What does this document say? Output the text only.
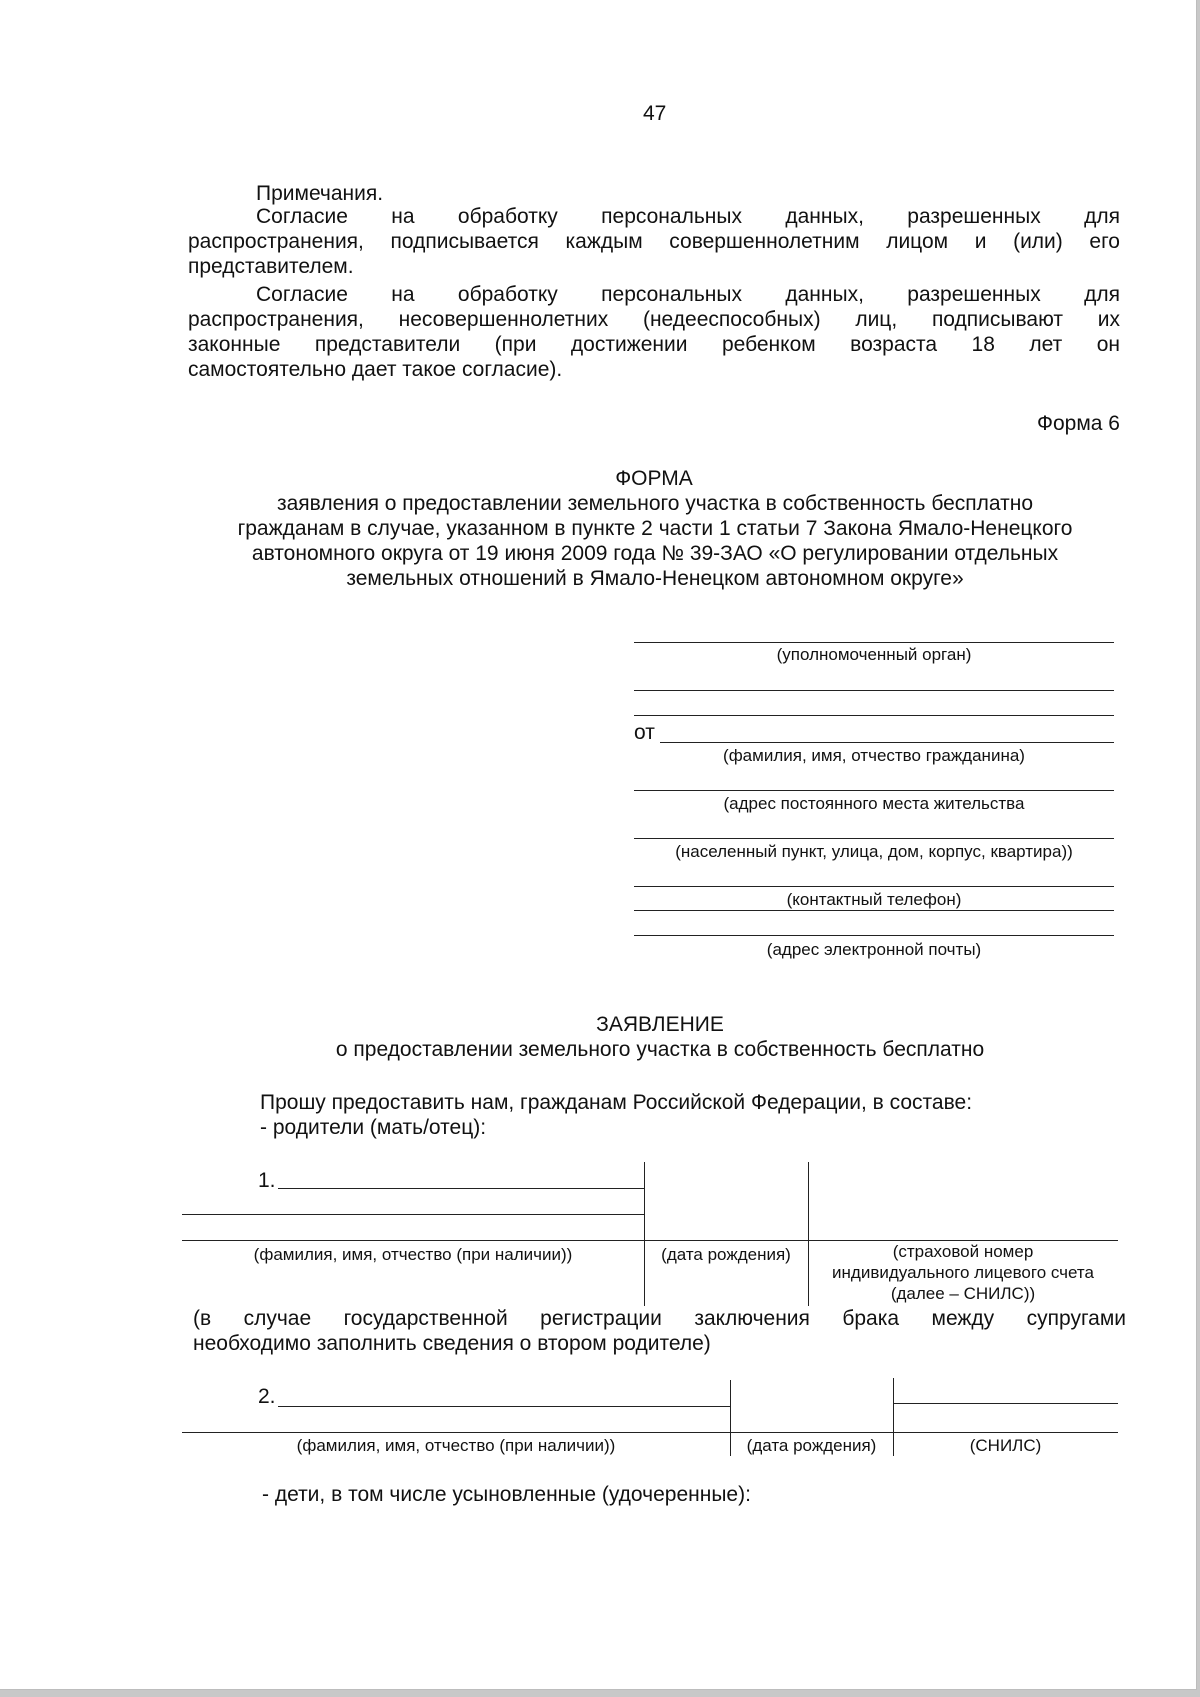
47
Примечания.
Согласие на обработку персональных данных, разрешенных для
распространения, подписывается каждым совершеннолетним лицом и (или) его
представителем.
Согласие на обработку персональных данных, разрешенных для
распространения, несовершеннолетних (недееспособных) лиц, подписывают их
законные представители (при достижении ребенком возраста 18 лет он
самостоятельно дает такое согласие).
Форма 6
ФОРМА
заявления о предоставлении земельного участка в собственность бесплатно
гражданам в случае, указанном в пункте 2 части 1 статьи 7 Закона Ямало-Ненецкого
автономного округа от 19 июня 2009 года № 39-ЗАО «О регулировании отдельных
земельных отношений в Ямало-Ненецком автономном округе»
(уполномоченный орган)
от
(фамилия, имя, отчество гражданина)
(адрес постоянного места жительства
(населенный пункт, улица, дом, корпус, квартира))
(контактный телефон)
(адрес электронной почты)
ЗАЯВЛЕНИЕ
о предоставлении земельного участка в собственность бесплатно
Прошу предоставить нам, гражданам Российской Федерации, в составе:
- родители (мать/отец):
1.
(фамилия, имя, отчество (при наличии))	(дата рождения)	(страховой номер
индивидуального лицевого счета
(далее – СНИЛС))
(в случае государственной регистрации заключения брака между супругами
необходимо заполнить сведения о втором родителе)
2.
(фамилия, имя, отчество (при наличии))	(дата рождения)	(СНИЛС)
- дети, в том числе усыновленные (удочеренные):
